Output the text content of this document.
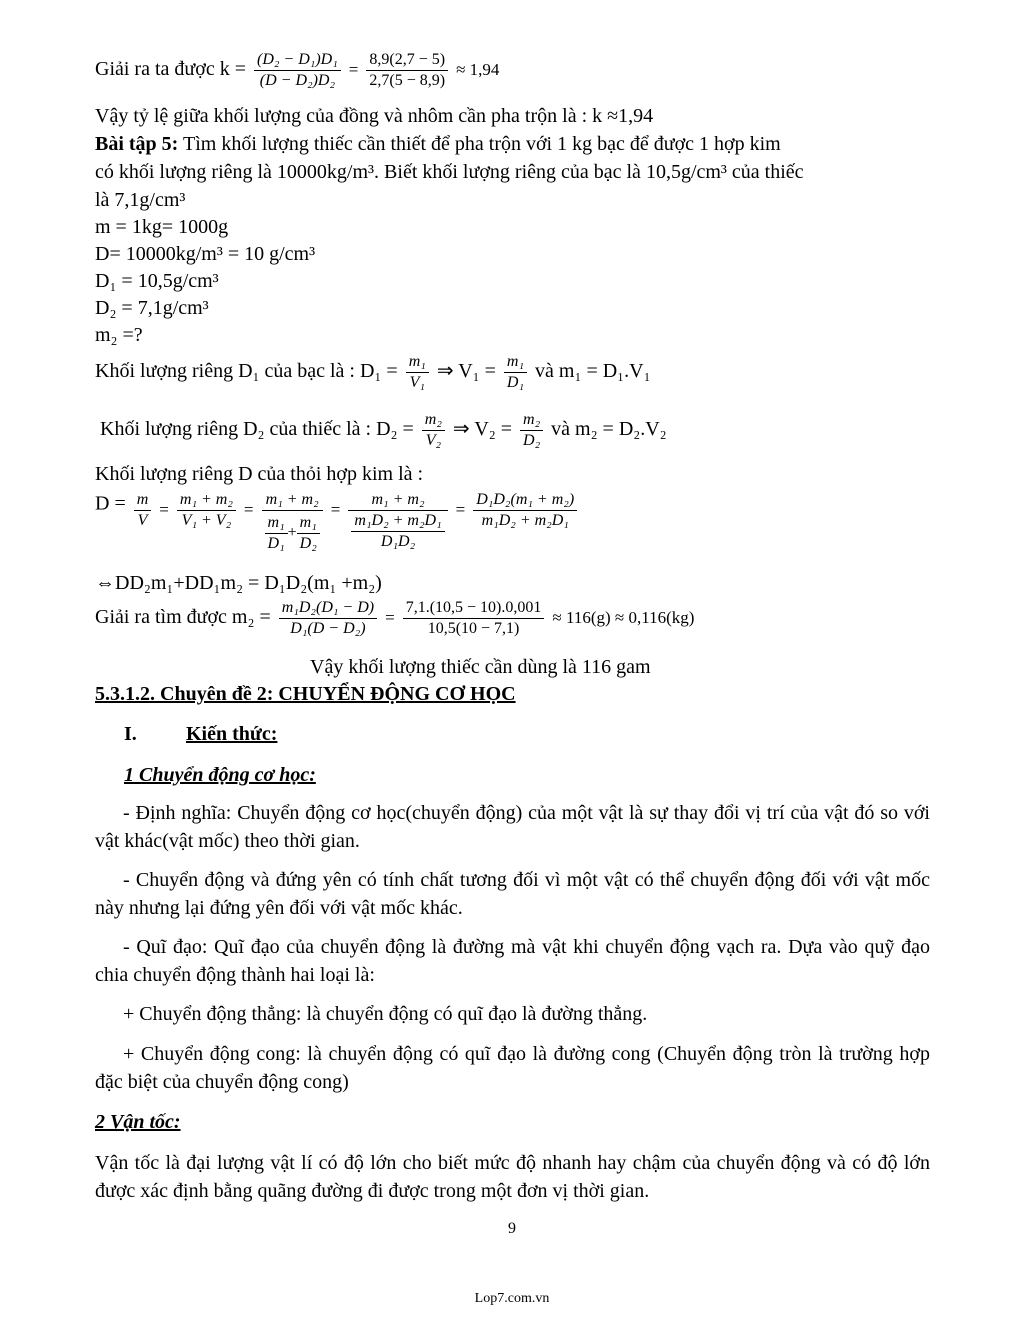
Giải ra ta được $k = \frac{\text{(D₂ − D₁)D₁}}{\text{(D − D₂)D₂}} = \frac{8,9(2,7 - 5)}{2,7(5 - 8,9)} \approx 1,94$
Vậy tỷ lệ giữa khối lượng của đồng và nhôm cần pha trộn là : k ≈1,94
Bài tập 5: Tìm khối lượng thiếc cần thiết để pha trộn với 1 kg bạc để được 1 hợp kim
có khối lượng riêng là 10000kg/m³. Biết khối lượng riêng của bạc là 10,5g/cm³ của thiếc
là 7,1g/cm³
m = 1kg= 1000g
D= 10000kg/m³ = 10 g/cm³
D₁ = 10,5g/cm³
D₂ = 7,1g/cm³
m₂ =?
Khối lượng riêng D₁ của bạc là : $D_1 = \frac{\text{m₁}}{\text{V₁}}$ ⇒ $V_1 = \frac{\text{m₁}}{\text{D₁}}$ và m₁ = D₁.V₁
Khối lượng riêng D₂ của thiếc là : $D_2 = \frac{\text{m₂}}{\text{V₂}}$ ⇒ $V_2 = \frac{\text{m₂}}{\text{D₂}}$ và m₂ = D₂.V₂
Khối lượng riêng D của thỏi hợp kim là :
$D = \frac{m}{V} ^= \frac{\text{m₁ + m₂}}{\text{V₁ + V₂}} ^= \frac{\text{m₁ + m₂}}{\frac{\text{m₁}}{\text{D₁}} + \frac{\text{m₁}}{\text{D₂}}} ^= \frac{\text{m₁ + m₂}}{\frac{\text{m₁D₂ + m₂D₁}}{\text{D₁D₂}}} ^= \frac{\text{D₁D₂(m₁ + m₂)}}{\text{m₁D₂ + m₂D₁}}$
⇔DD₂m₁+DD₁m₂ = D₁D₂(m₁ +m₂)
Giải ra tìm được $m_2 = \frac{\text{m₁D₂(D₁ − D)}}{\text{D₁(D − D₂)}} = \frac{7,1.(10,5 - 10).0,001}{10,5(10 - 7,1)} \approx 116(g) \approx 0,116(kg)$
Vậy khối lượng thiếc cần dùng là 116 gam
5.3.1.2. Chuyên đề 2: CHUYỂN ĐỘNG CƠ HỌC
I. Kiến thức:
1 Chuyển động cơ học:
- Định nghĩa: Chuyển động cơ học(chuyển động) của một vật là sự thay đổi vị trí của vật đó so với vật khác(vật mốc) theo thời gian.
- Chuyển động và đứng yên có tính chất tương đối vì một vật có thể chuyển động đối với vật mốc này nhưng lại đứng yên đối với vật mốc khác.
- Quĩ đạo: Quĩ đạo của chuyển động là đường mà vật khi chuyển động vạch ra. Dựa vào quỹ đạo chia chuyển động thành hai loại là:
+ Chuyển động thẳng: là chuyển động có quĩ đạo là đường thẳng.
+ Chuyển động cong: là chuyển động có quĩ đạo là đường cong (Chuyển động tròn là trường hợp đặc biệt của chuyển động cong)
2 Vận tốc:
Vận tốc là đại lượng vật lí có độ lớn cho biết mức độ nhanh hay chậm của chuyển động và có độ lớn được xác định bằng quãng đường đi được trong một đơn vị thời gian.
9
Lop7.com.vn
